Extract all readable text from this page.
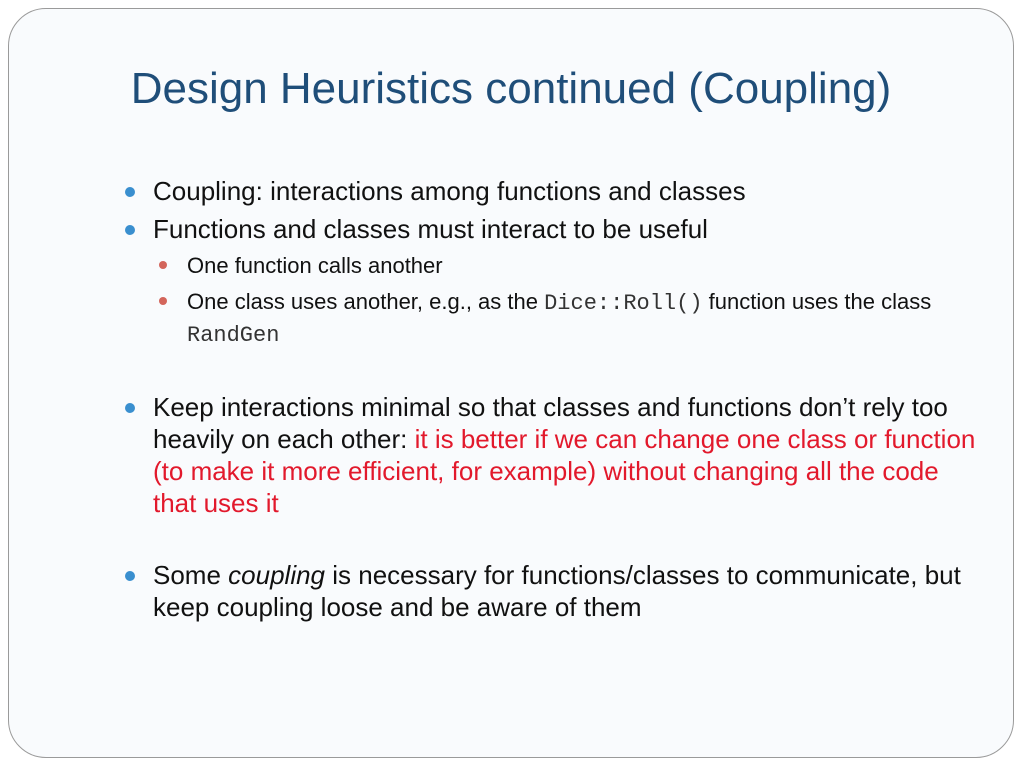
Design Heuristics continued (Coupling)
Coupling: interactions among functions and classes
Functions and classes must interact to be useful
One function calls another
One class uses another, e.g., as the Dice::Roll() function uses the class RandGen
Keep interactions minimal so that classes and functions don’t rely too heavily on each other: it is better if we can change one class or function (to make it more efficient, for example) without changing all the code that uses it
Some coupling is necessary for functions/classes to communicate, but keep coupling loose and be aware of them
